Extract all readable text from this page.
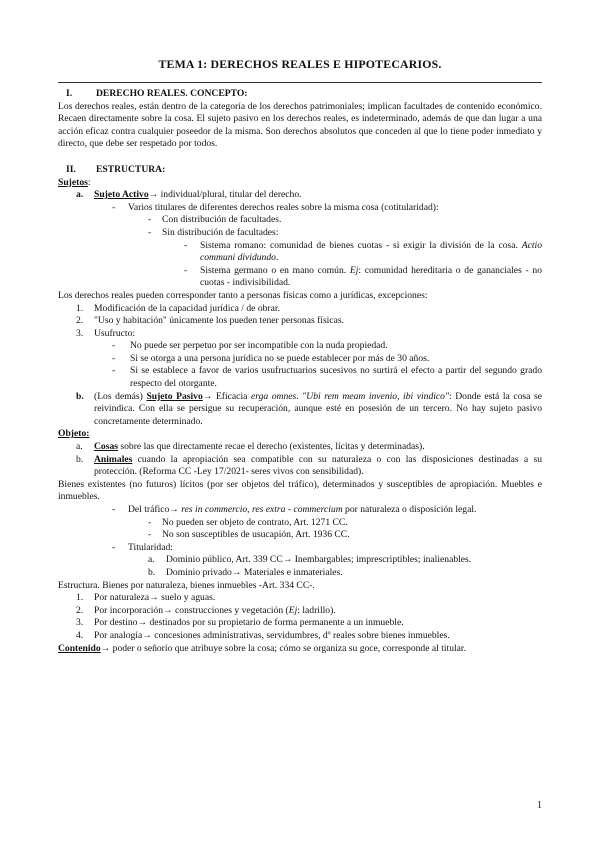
TEMA 1: DERECHOS REALES E HIPOTECARIOS.

I. DERECHO REALES. CONCEPTO:

Los derechos reales, están dentro de la categoría de los derechos patrimoniales; implican facultades de contenido económico. Recaen directamente sobre la cosa. El sujeto pasivo en los derechos reales, es indeterminado, además de que dan lugar a una acción eficaz contra cualquier poseedor de la misma. Son derechos absolutos que conceden al que lo tiene poder inmediato y directo, que debe ser respetado por todos.

II. ESTRUCTURA:

Sujetos:

a.	Sujeto Activo→ individual/plural, titular del derecho.
-	Varios titulares de diferentes derechos reales sobre la misma cosa (cotitularidad):
-	Con distribución de facultades.
-	Sin distribución de facultades:
-	Sistema romano: comunidad de bienes cuotas - si exigir la división de la cosa. Actio communi dividundo.
-	Sistema germano o en mano común. Ej: comunidad hereditaria o de gananciales - no cuotas - indivisibilidad.

Los derechos reales pueden corresponder tanto a personas físicas como a jurídicas, excepciones:

1.	Modificación de la capacidad jurídica / de obrar.
2.	"Uso y habitación" únicamente los pueden tener personas físicas.
3.	Usufructo:
-	No puede ser perpetuo por ser incompatible con la nuda propiedad.
-	Si se otorga a una persona jurídica no se puede establecer por más de 30 años.
-	Si se establece a favor de varios usufructuarios sucesivos no surtirá el efecto a partir del segundo grado respecto del otorgante.
b.	(Los demás) Sujeto Pasivo→ Eficacia erga omnes. "Ubi rem meam invenio, ibi vindico": Donde está la cosa se reivindica. Con ella se persigue su recuperación, aunque esté en posesión de un tercero. No hay sujeto pasivo concretamente determinado.

Objeto:

a.	Cosas sobre las que directamente recae el derecho (existentes, lícitas y determinadas).
b.	Animales cuando la apropiación sea compatible con su naturaleza o con las disposiciones destinadas a su protección. (Reforma CC -Ley 17/2021- seres vivos con sensibilidad).

Bienes existentes (no futuros) lícitos (por ser objetos del tráfico), determinados y susceptibles de apropiación. Muebles e inmuebles.

-	Del tráfico→ res in commercio, res extra - commercium por naturaleza o disposición legal.
-	No pueden ser objeto de contrato, Art. 1271 CC.
-	No son susceptibles de usucapión, Art. 1936 CC.
-	Titularidad:
a.	Dominio público, Art. 339 CC→ Inembargables; imprescriptibles; inalienables.
b.	Dominio privado→ Materiales e inmateriales.

Estructura. Bienes por naturaleza, bienes inmuebles -Art. 334 CC-.

1.	Por naturaleza→ suelo y aguas.
2.	Por incorporación→ construcciones y vegetación (Ej: ladrillo).
3.	Por destino→ destinados por su propietario de forma permanente a un inmueble.
4.	Por analogía→ concesiones administrativas, servidumbres, dº reales sobre bienes inmuebles.

Contenido→ poder o señorío que atribuye sobre la cosa; cómo se organiza su goce, corresponde al titular.

1
